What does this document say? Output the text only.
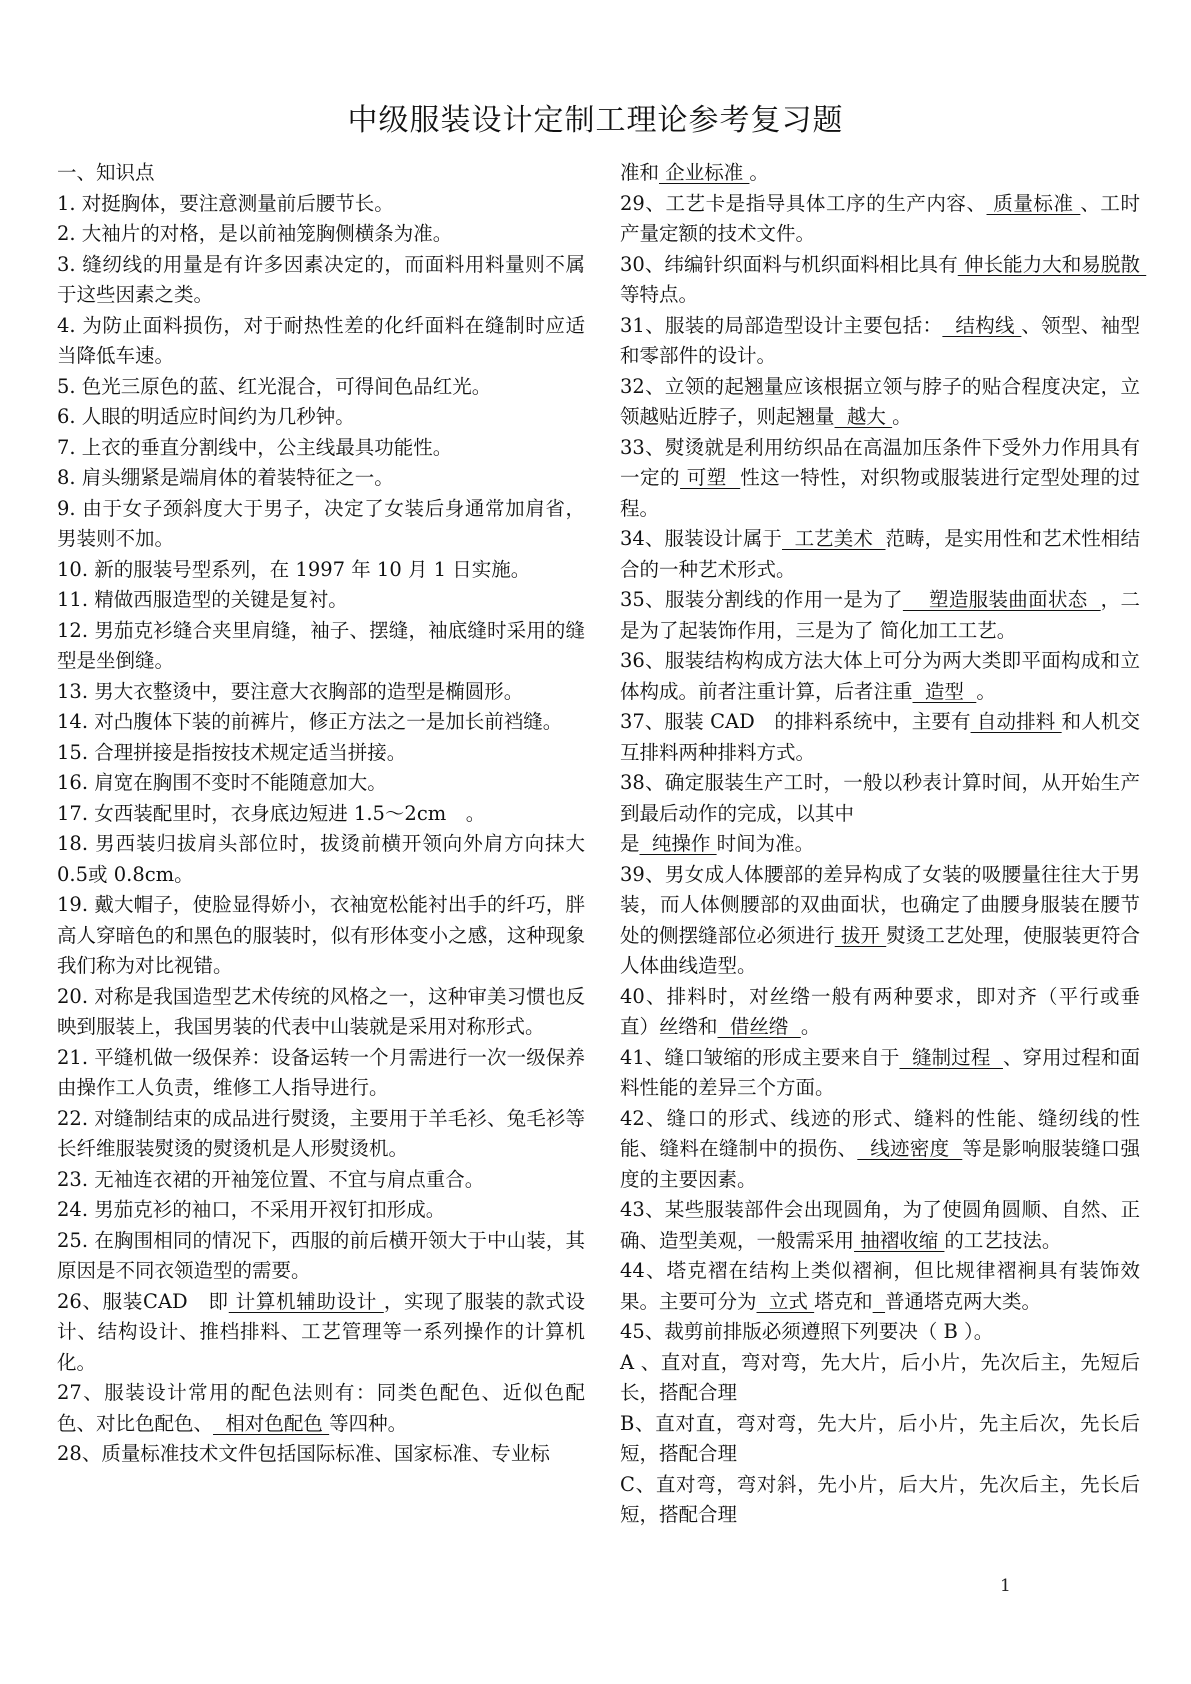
中级服装设计定制工理论参考复习题

一、知识点

1. 对挺胸体，要注意测量前后腰节长。

2. 大袖片的对格，是以前袖笼胸侧横条为准。

3. 缝纫线的用量是有许多因素决定的，而面料用料量则不属于这些因素之类。

4. 为防止面料损伤，对于耐热性差的化纤面料在缝制时应适当降低车速。

5. 色光三原色的蓝、红光混合，可得间色品红光。

6. 人眼的明适应时间约为几秒钟。

7. 上衣的垂直分割线中，公主线最具功能性。

8. 肩头绷紧是端肩体的着装特征之一。

9. 由于女子颈斜度大于男子，决定了女装后身通常加肩省，男装则不加。

10. 新的服装号型系列，在 1997 年 10 月 1 日实施。

11. 精做西服造型的关键是复衬。

12. 男茄克衫缝合夹里肩缝，袖子、摆缝，袖底缝时采用的缝型是坐倒缝。

13. 男大衣整烫中，要注意大衣胸部的造型是椭圆形。

14. 对凸腹体下装的前裤片，修正方法之一是加长前裆缝。

15. 合理拼接是指按技术规定适当拼接。

16. 肩宽在胸围不变时不能随意加大。

17. 女西装配里时，衣身底边短进 1.5～2cm　。

18. 男西装归拔肩头部位时，拔烫前横开领向外肩方向抹大 0.5或 0.8cm。

19. 戴大帽子，使脸显得娇小，衣袖宽松能衬出手的纤巧，胖高人穿暗色的和黑色的服装时，似有形体变小之感，这种现象我们称为对比视错。

20. 对称是我国造型艺术传统的风格之一，这种审美习惯也反映到服装上，我国男装的代表中山装就是采用对称形式。

21. 平缝机做一级保养：设备运转一个月需进行一次一级保养由操作工人负责，维修工人指导进行。

22. 对缝制结束的成品进行熨烫，主要用于羊毛衫、兔毛衫等长纤维服装熨烫的熨烫机是人形熨烫机。

23. 无袖连衣裙的开袖笼位置、不宜与肩点重合。

24. 男茄克衫的袖口，不采用开衩钉扣形成。

25. 在胸围相同的情况下，西服的前后横开领大于中山装，其原因是不同衣领造型的需要。

26、服装CAD　即 计算机辅助设计 ，实现了服装的款式设计、结构设计、推档排料、工艺管理等一系列操作的计算机化。

27、服装设计常用的配色法则有：同类色配色、近似色配色、对比色配色、  相对色配色 等四种。

28、质量标准技术文件包括国际标准、国家标准、专业标

准和 企业标准 。

29、工艺卡是指导具体工序的生产内容、 质量标准 、工时产量定额的技术文件。

30、纬编针织面料与机织面料相比具有 伸长能力大和易脱散 等特点。

31、服装的局部造型设计主要包括：  结构线 、领型、袖型和零部件的设计。

32、立领的起翘量应该根据立领与脖子的贴合程度决定，立领越贴近脖子，则起翘量  越大 。

33、熨烫就是利用纺织品在高温加压条件下受外力作用具有一定的 可塑  性这一特性，对织物或服装进行定型处理的过程。

34、服装设计属于  工艺美术  范畴，是实用性和艺术性相结合的一种艺术形式。

35、服装分割线的作用一是为了    塑造服装曲面状态  ，二是为了起装饰作用，三是为了 简化加工工艺。

36、服装结构构成方法大体上可分为两大类即平面构成和立体构成。前者注重计算，后者注重  造型  。

37、服装 CAD　的排料系统中，主要有 自动排料 和人机交互排料两种排料方式。

38、确定服装生产工时，一般以秒表计算时间，从开始生产到最后动作的完成，以其中

是  纯操作 时间为准。

39、男女成人体腰部的差异构成了女装的吸腰量往往大于男装，而人体侧腰部的双曲面状，也确定了曲腰身服装在腰节处的侧摆缝部位必须进行 拔开 熨烫工艺处理，使服装更符合人体曲线造型。

40、排料时，对丝绺一般有两种要求，即对齐（平行或垂直）丝绺和  借丝绺  。

41、缝口皱缩的形成主要来自于  缝制过程  、穿用过程和面料性能的差异三个方面。

42、缝口的形式、线迹的形式、缝料的性能、缝纫线的性能、缝料在缝制中的损伤、  线迹密度  等是影响服装缝口强度的主要因素。

43、某些服装部件会出现圆角，为了使圆角圆顺、自然、正确、造型美观，一般需采用 抽褶收缩 的工艺技法。

44、塔克褶在结构上类似褶裥，但比规律褶裥具有装饰效果。主要可分为  立式 塔克和 普通塔克两大类。

45、裁剪前排版必须遵照下列要决（ B ）。

A 、直对直，弯对弯，先大片，后小片，先次后主，先短后长，搭配合理

B、直对直，弯对弯，先大片，后小片，先主后次，先长后短，搭配合理

C、直对弯，弯对斜，先小片，后大片，先次后主，先长后短，搭配合理

1
